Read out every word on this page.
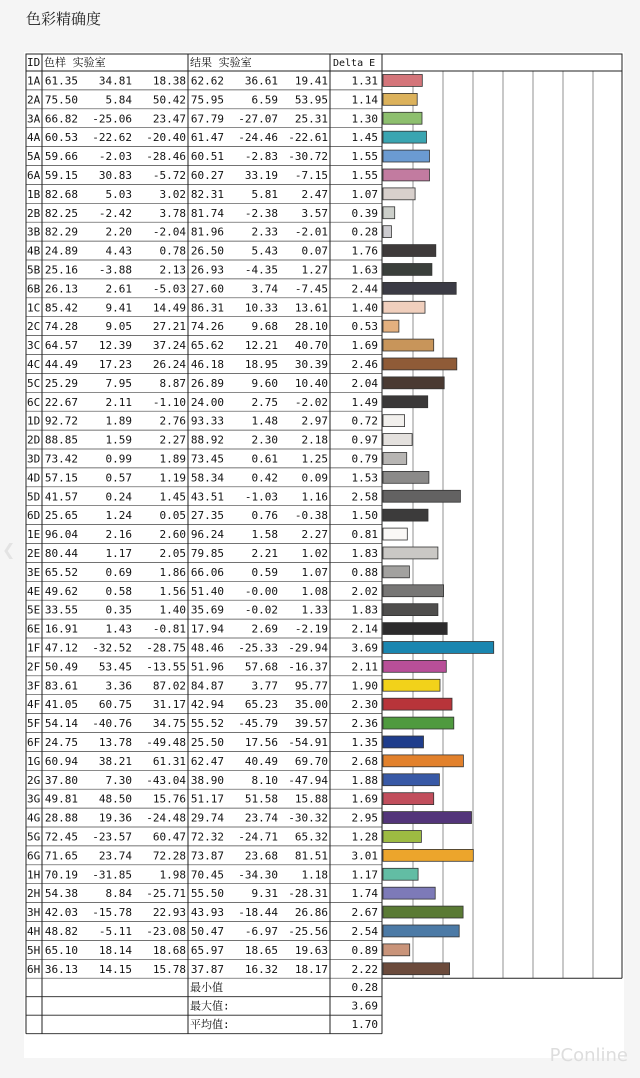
色彩精确度
ID 色样 实验室	结果 实验室	Delta E
1A 61.35 34.81 18.38 62.62 36.61 19.41 1.31
2A 75.50	5.84 50.42 75.95	6.59 53.95 1.14
3A 66.82 -25.06 23.47 67.79 -27.07 25.31 1.30
4A 60.53 -22.62 -20.40 61.47 -24.46 -22.61 1.45
5A 59.66 -2.03 -28.46 60.51 -2.83 -30.72 1.55
6A 59.15 30.83 -5.72 60.27 33.19 -7.15 1.55
1B 82.68	5.03	3.02 82.31	5.81 2.47 1.07
2B 82.25 -2.42	3.78 81.74 -2.38 3.57 0.39
3B 82.29	2.20 -2.04 81.96	2.33 -2.01 0.28
4B 24.89	4.43	0.78 26.50	5.43 0.07 1.76
5B 25.16 -3.88	2.13 26.93 -4.35 1.27 1.63
6B 26.13	2.61 -5.03 27.60	3.74 -7.45 2.44
1C 85.42	9.41 14.49 86.31 10.33 13.61 1.40
2C 74.28	9.05 27.21 74.26	9.68 28.10 0.53
3C 64.57 12.39 37.24 65.62 12.21 40.70 1.69
4C 44.49 17.23 26.24 46.18 18.95 30.39 2.46
5C 25.29	7.95	8.87 26.89	9.60 10.40 2.04
6C 22.67	2.11 -1.10 24.00	2.75 -2.02 1.49
1D 92.72	1.89	2.76 93.33	1.48 2.97 0.72
2D 88.85	1.59	2.27 88.92	2.30 2.18 0.97
3D 73.42	0.99	1.89 73.45	0.61 1.25 0.79
4D 57.15	0.57	1.19 58.34	0.42 0.09 1.53
5D 41.57	0.24	1.45 43.51 -1.03 1.16 2.58
6D 25.65	1.24	0.05 27.35	0.76 -0.38 1.50
1E 96.04	2.16	2.60 96.24	1.58 2.27 0.81
2E 80.44	1.17	2.05 79.85	2.21 1.02 1.83
3E 65.52	0.69	1.86 66.06	0.59 1.07 0.88
4E 49.62	0.58	1.56 51.40 -0.00 1.08 2.02
5E 33.55	0.35	1.40 35.69 -0.02 1.33 1.83
6E 16.91	1.43 -0.81 17.94	2.69 -2.19 2.14
1F 47.12 -32.52 -28.75 48.46 -25.33 -29.94 3.69
2F 50.49 53.45 -13.55 51.96 57.68 -16.37 2.11
3F 83.61	3.36 87.02 84.87	3.77 95.77 1.90
4F 41.05 60.75 31.17 42.94 65.23 35.00 2.30
5F 54.14 -40.76 34.75 55.52 -45.79 39.57 2.36
6F 24.75 13.78 -49.48 25.50 17.56 -54.91 1.35
1G 60.94 38.21 61.31 62.47 40.49 69.70 2.68
2G 37.80	7.30 -43.04 38.90	8.10 -47.94 1.88
3G 49.81 48.50 15.76 51.17 51.58 15.88 1.69
4G 28.88 19.36 -24.48 29.74 23.74 -30.32 2.95
5G 72.45 -23.57 60.47 72.32 -24.71 65.32 1.28
6G 71.65 23.74 72.28 73.87 23.68 81.51 3.01
1H 70.19 -31.85	1.98 70.45 -34.30 1.18 1.17
2H 54.38	8.84 -25.71 55.50	9.31 -28.31 1.74
3H 42.03 -15.78 22.93 43.93 -18.44 26.86 2.67
4H 48.82 -5.11 -23.08 50.47 -6.97 -25.56 2.54
5H 65.10 18.14 18.68 65.97 18.65 19.63 0.89
6H 36.13 14.15 15.78 37.87 16.32 18.17 2.22
最小值	0.28
最大值:	3.69
平均值:	1.70
❮
PConline
